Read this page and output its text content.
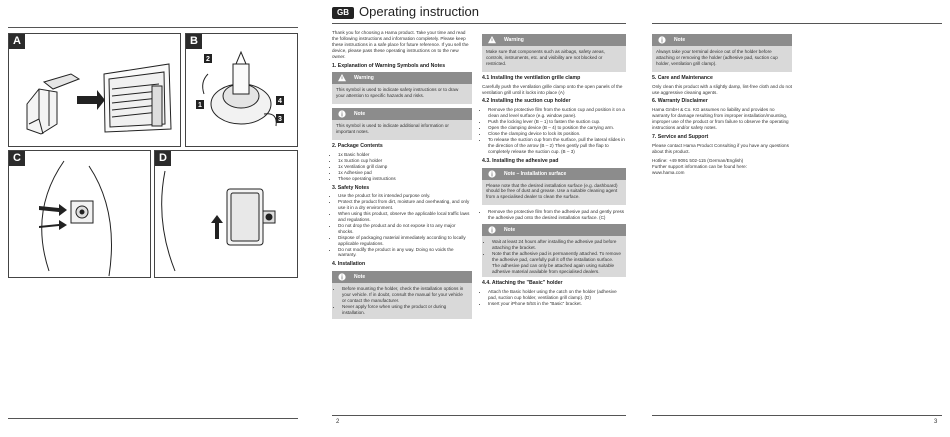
A	B
2
1
4
3
C	D
GB Operating instruction

Thank you for choosing a Hama product. Take your time and read the following instructions and information completely. Please keep these instructions in a safe place for future reference. If you sell the device, please pass these operating instructions on to the new owner.

1. Explanation of Warning Symbols and Notes
Warning

This symbol is used to indicate safety instructions or to draw your attention to specific hazards and risks.

Note

This symbol is used to indicate additional information or important notes.

2. Package Contents
• 1x Basic holder
• 1x Suction cup holder
• 1x Ventilation grill clamp
• 1x Adhesive pad
• These operating instructions
3. Safety Notes
• Use the product for its intended purpose only.
• Protect the product from dirt, moisture and overheating, and only use it in a dry environment.
• When using this product, observe the applicable local traffic laws and regulations.
• Do not drop the product and do not expose it to any major shocks.
• Dispose of packaging material immediately according to locally applicable regulations.
• Do not modify the product in any way. Doing so voids the warranty.
4. Installation
Note
• Before mounting the holder, check the installation options in your vehicle. If in doubt, consult the manual for your vehicle or contact the manufacturer.
• Never apply force when using the product or during installation.
Warning

Make sure that components such as airbags, safety areas, controls, instruments, etc. and visibility are not blocked or restricted.

4.1 Installing the ventilation grille clamp

Carefully push the ventilation grille clamp onto the open panels of the ventilation grill until it locks into place (A)

4.2 Installing the suction cup holder
• Remove the protective film from the suction cup and position it on a clean and level surface (e.g. window pane).
• Push the locking lever (B – 1) to fasten the suction cup.
• Open the clamping device (B – 4) to position the carrying arm.
• Close the clamping device to lock its position.
• To release the suction cup from the surface, pull the lateral slides in the direction of the arrow (B – 2) Then gently pull the flap to completely release the suction cup. (B – 3)
4.3. Installing the adhesive pad
Note – Installation surface

Please note that the desired installation surface (e.g. dashboard) should be free of dust and grease. Use a suitable cleaning agent from a specialised dealer to clean the surface.

• Remove the protective film from the adhesive pad and gently press the adhesive pad onto the desired installation surface. (C)
Note
• Wait at least 24 hours after installing the adhesive pad before attaching the bracket.
• Note that the adhesive pad is permanently attached. To remove the adhesive pad, carefully pull it off the installation surface. The adhesive pad can only be attached again using suitable adhesive material available from specialised dealers.
4.4. Attaching the "Basic" holder
• Attach the Basic holder using the catch on the holder (adhesive pad, suction cup holder, ventilation grill clamp). (D)
• Insert your iPhone 5/5S in the "Basic" bracket.
Note

Always take your terminal device out of the holder before attaching or removing the holder (adhesive pad, suction cup holder, ventilation grill clamp).

5. Care and Maintenance

Only clean this product with a slightly damp, lint-free cloth and do not use aggressive cleaning agents.

6. Warranty Disclaimer

Hama GmbH & Co. KG assumes no liability and provides no warranty for damage resulting from improper installation/mounting, improper use of the product or from failure to observe the operating instructions and/or safety notes.

7. Service and Support

Please contact Hama Product Consulting if you have any questions about this product.

Hotline: +49 9091 502-115 (German/English)
Further support information can be found here:
www.hama.com
2	3
